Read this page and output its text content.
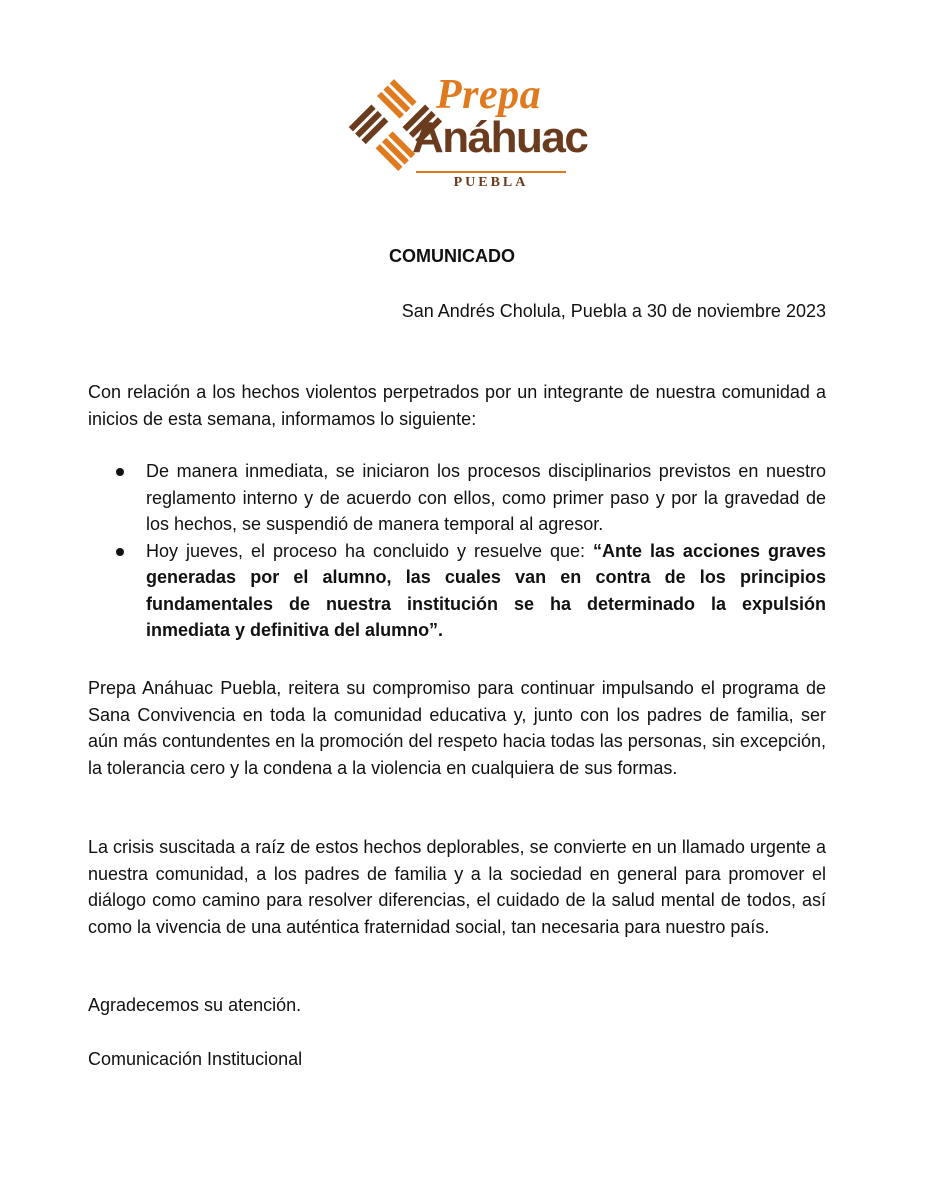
Prepa
Anáhuac
PUEBLA
COMUNICADO
San Andrés Cholula, Puebla a 30 de noviembre 2023

Con relación a los hechos violentos perpetrados por un integrante de nuestra comunidad a inicios de esta semana, informamos lo siguiente:

De manera inmediata, se iniciaron los procesos disciplinarios previstos en nuestro reglamento interno y de acuerdo con ellos, como primer paso y por la gravedad de los hechos, se suspendió de manera temporal al agresor.
Hoy jueves, el proceso ha concluido y resuelve que: “Ante las acciones graves generadas por el alumno, las cuales van en contra de los principios fundamentales de nuestra institución se ha determinado la expulsión inmediata y definitiva del alumno”.

Prepa Anáhuac Puebla, reitera su compromiso para continuar impulsando el programa de Sana Convivencia en toda la comunidad educativa y, junto con los padres de familia, ser aún más contundentes en la promoción del respeto hacia todas las personas, sin excepción, la tolerancia cero y la condena a la violencia en cualquiera de sus formas.

La crisis suscitada a raíz de estos hechos deplorables, se convierte en un llamado urgente a nuestra comunidad, a los padres de familia y a la sociedad en general para promover el diálogo como camino para resolver diferencias, el cuidado de la salud mental de todos, así como la vivencia de una auténtica fraternidad social, tan necesaria para nuestro país.

Agradecemos su atención.

Comunicación Institucional
